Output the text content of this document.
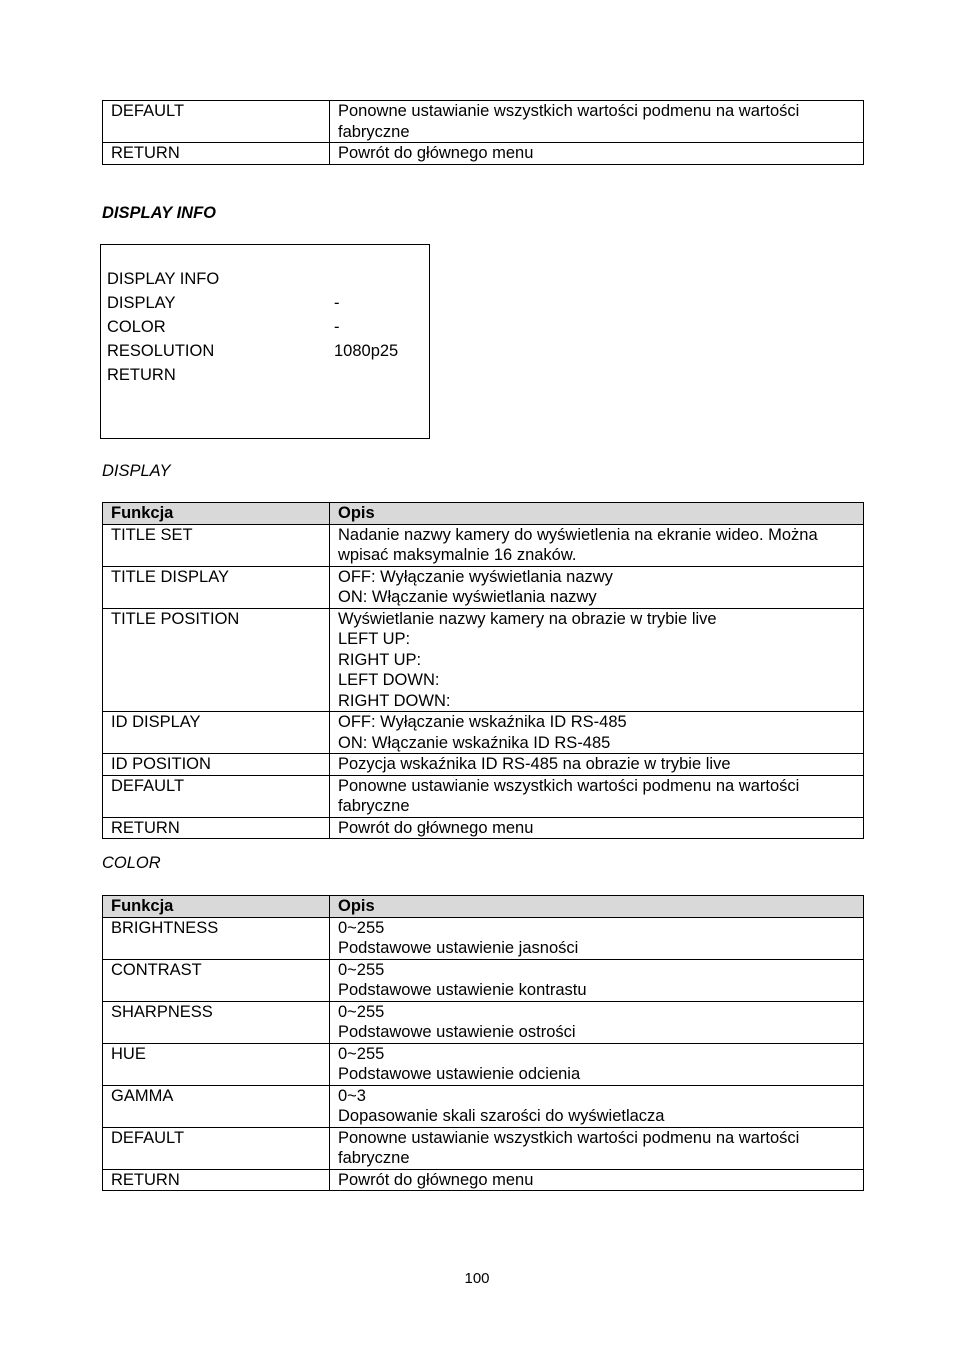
DEFAULT	Ponowne ustawianie wszystkich wartości podmenu na wartości
fabryczne

RETURN	Powrót do głównego menu
DISPLAY INFO
DISPLAY INFO
DISPLAY	-
COLOR	-
RESOLUTION	1080p25
RETURN
DISPLAY
Funkcja	Opis
TITLE SET	Nadanie nazwy kamery do wyświetlenia na ekranie wideo. Można
wpisać maksymalnie 16 znaków.

TITLE DISPLAY	OFF: Wyłączanie wyświetlania nazwy
ON: Włączanie wyświetlania nazwy

TITLE POSITION	Wyświetlanie nazwy kamery na obrazie w trybie live
LEFT UP:
RIGHT UP:
LEFT DOWN:
RIGHT DOWN:

ID DISPLAY	OFF: Wyłączanie wskaźnika ID RS-485
ON: Włączanie wskaźnika ID RS-485

ID POSITION	Pozycja wskaźnika ID RS-485 na obrazie w trybie live

DEFAULT	Ponowne ustawianie wszystkich wartości podmenu na wartości
fabryczne

RETURN	Powrót do głównego menu
COLOR
Funkcja	Opis
BRIGHTNESS	0~255
Podstawowe ustawienie jasności

CONTRAST	0~255
Podstawowe ustawienie kontrastu

SHARPNESS	0~255
Podstawowe ustawienie ostrości

HUE	0~255
Podstawowe ustawienie odcienia

GAMMA	0~3
Dopasowanie skali szarości do wyświetlacza

DEFAULT	Ponowne ustawianie wszystkich wartości podmenu na wartości
fabryczne

RETURN	Powrót do głównego menu
100
